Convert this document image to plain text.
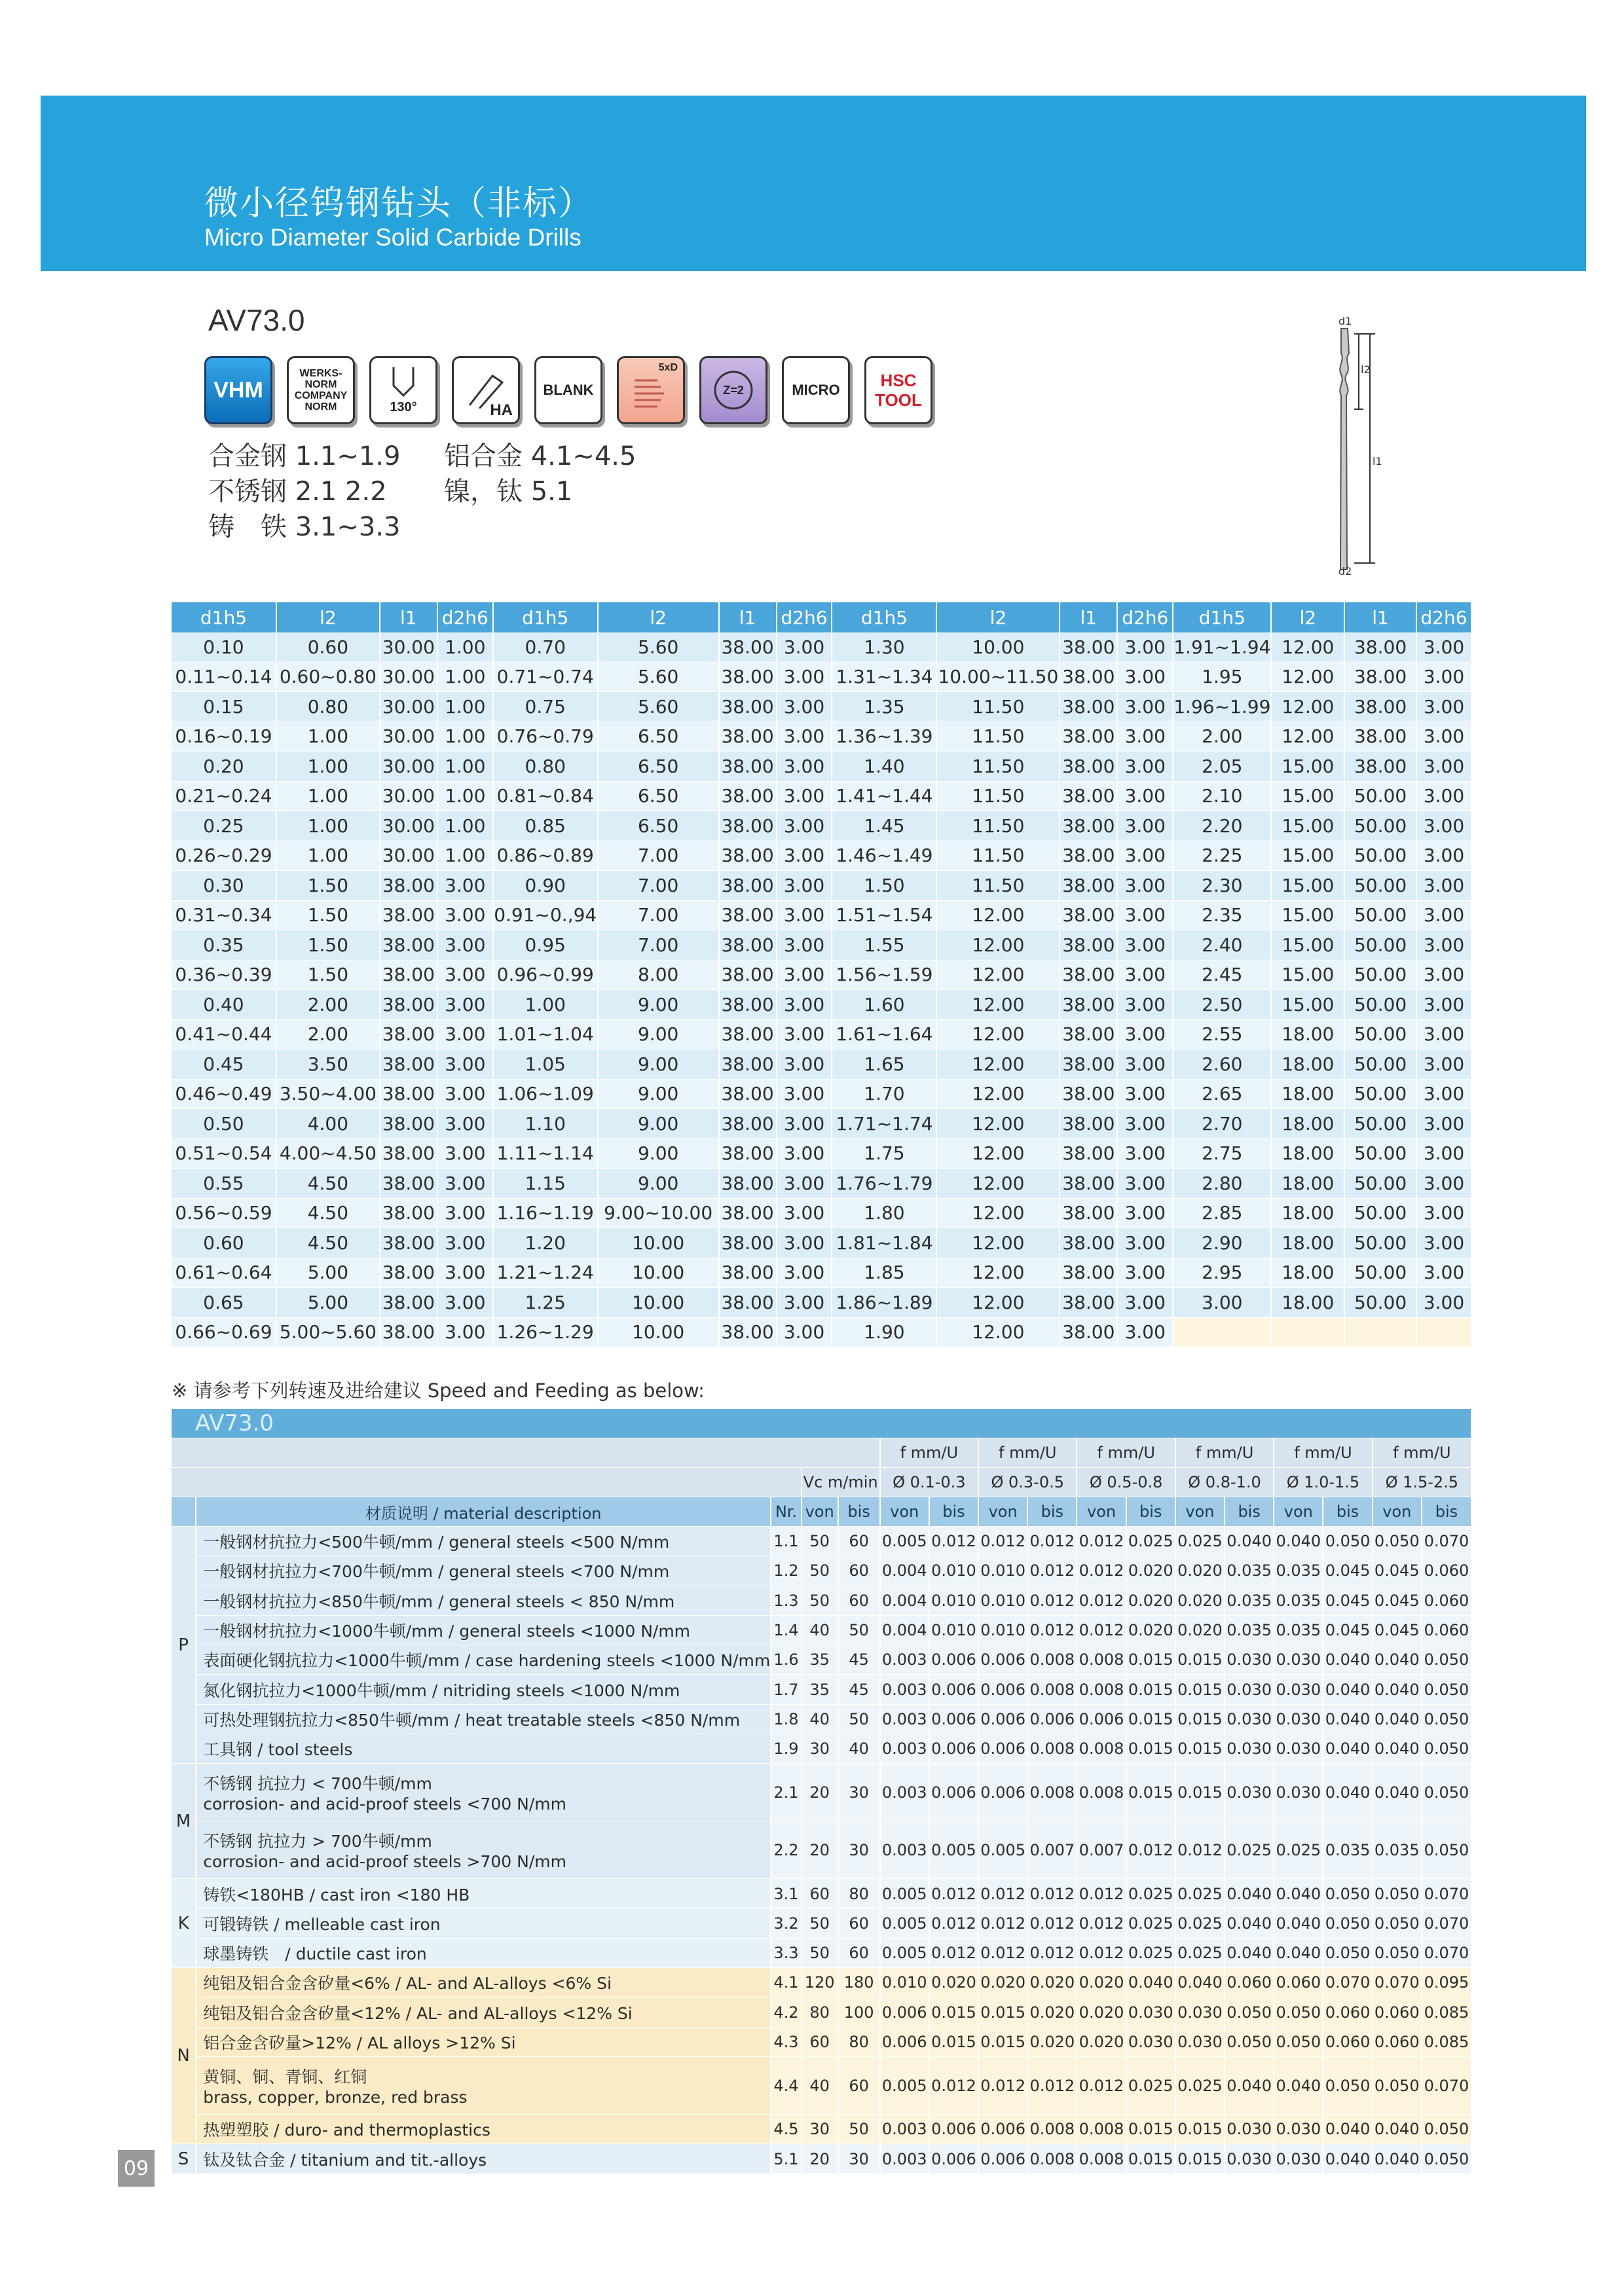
微小径钨钢钻头（非标）
Micro Diameter Solid Carbide Drills
AV73.0
VHM
WERKS-NORM COMPANY NORM	130°	HA
BLANK
5xD
Z=2	MICRO	HSC TOOL
合金钢 1.1~1.9	铝合金 4.1~4.5
不锈钢 2.1 2.2	镍，钛 5.1
铸　铁 3.1~3.3
d1
l2
l1
d2
d1h5	l2	l1	d2h6	d1h5	l2	l1	d2h6	d1h5	l2	l1	d2h6	d1h5	l2	l1	d2h6
0.10	0.60	30.00	1.00	0.70	5.60	38.00	3.00	1.30	10.00	38.00	3.00	1.91~1.94	12.00	38.00	3.00
0.11~0.14	0.60~0.80	30.00	1.00	0.71~0.74	5.60	38.00	3.00	1.31~1.34	10.00~11.50	38.00	3.00	1.95	12.00	38.00	3.00
0.15	0.80	30.00	1.00	0.75	5.60	38.00	3.00	1.35	11.50	38.00	3.00	1.96~1.99	12.00	38.00	3.00
0.16~0.19	1.00	30.00	1.00	0.76~0.79	6.50	38.00	3.00	1.36~1.39	11.50	38.00	3.00	2.00	12.00	38.00	3.00
0.20	1.00	30.00	1.00	0.80	6.50	38.00	3.00	1.40	11.50	38.00	3.00	2.05	15.00	38.00	3.00
0.21~0.24	1.00	30.00	1.00	0.81~0.84	6.50	38.00	3.00	1.41~1.44	11.50	38.00	3.00	2.10	15.00	50.00	3.00
0.25	1.00	30.00	1.00	0.85	6.50	38.00	3.00	1.45	11.50	38.00	3.00	2.20	15.00	50.00	3.00
0.26~0.29	1.00	30.00	1.00	0.86~0.89	7.00	38.00	3.00	1.46~1.49	11.50	38.00	3.00	2.25	15.00	50.00	3.00
0.30	1.50	38.00	3.00	0.90	7.00	38.00	3.00	1.50	11.50	38.00	3.00	2.30	15.00	50.00	3.00
0.31~0.34	1.50	38.00	3.00	0.91~0.,94	7.00	38.00	3.00	1.51~1.54	12.00	38.00	3.00	2.35	15.00	50.00	3.00
0.35	1.50	38.00	3.00	0.95	7.00	38.00	3.00	1.55	12.00	38.00	3.00	2.40	15.00	50.00	3.00
0.36~0.39	1.50	38.00	3.00	0.96~0.99	8.00	38.00	3.00	1.56~1.59	12.00	38.00	3.00	2.45	15.00	50.00	3.00
0.40	2.00	38.00	3.00	1.00	9.00	38.00	3.00	1.60	12.00	38.00	3.00	2.50	15.00	50.00	3.00
0.41~0.44	2.00	38.00	3.00	1.01~1.04	9.00	38.00	3.00	1.61~1.64	12.00	38.00	3.00	2.55	18.00	50.00	3.00
0.45	3.50	38.00	3.00	1.05	9.00	38.00	3.00	1.65	12.00	38.00	3.00	2.60	18.00	50.00	3.00
0.46~0.49	3.50~4.00	38.00	3.00	1.06~1.09	9.00	38.00	3.00	1.70	12.00	38.00	3.00	2.65	18.00	50.00	3.00
0.50	4.00	38.00	3.00	1.10	9.00	38.00	3.00	1.71~1.74	12.00	38.00	3.00	2.70	18.00	50.00	3.00
0.51~0.54	4.00~4.50	38.00	3.00	1.11~1.14	9.00	38.00	3.00	1.75	12.00	38.00	3.00	2.75	18.00	50.00	3.00
0.55	4.50	38.00	3.00	1.15	9.00	38.00	3.00	1.76~1.79	12.00	38.00	3.00	2.80	18.00	50.00	3.00
0.56~0.59	4.50	38.00	3.00	1.16~1.19	9.00~10.00	38.00	3.00	1.80	12.00	38.00	3.00	2.85	18.00	50.00	3.00
0.60	4.50	38.00	3.00	1.20	10.00	38.00	3.00	1.81~1.84	12.00	38.00	3.00	2.90	18.00	50.00	3.00
0.61~0.64	5.00	38.00	3.00	1.21~1.24	10.00	38.00	3.00	1.85	12.00	38.00	3.00	2.95	18.00	50.00	3.00
0.65	5.00	38.00	3.00	1.25	10.00	38.00	3.00	1.86~1.89	12.00	38.00	3.00	3.00	18.00	50.00	3.00
0.66~0.69	5.00~5.60	38.00	3.00	1.26~1.29	10.00	38.00	3.00	1.90	12.00	38.00	3.00				
※ 请参考下列转速及进给建议 Speed and Feeding as below:
AV73.0																
					f mm/U		f mm/U		f mm/U		f mm/U		f mm/U		f mm/U	
			Vc m/min		Ø 0.1-0.3		Ø 0.3-0.5		Ø 0.5-0.8		Ø 0.8-1.0		Ø 1.0-1.5		Ø 1.5-2.5	
	材质说明 / material description	Nr.	von	bis	von	bis	von	bis	von	bis	von	bis	von	bis	von	bis
P	一般钢材抗拉力<500牛顿/mm / general steels <500 N/mm	1.1	50	60	0.005	0.012	0.012	0.012	0.012	0.025	0.025	0.040	0.040	0.050	0.050	0.070

	一般钢材抗拉力<700牛顿/mm / general steels <700 N/mm	1.2	50	60	0.004	0.010	0.010	0.012	0.012	0.020	0.020	0.035	0.035	0.045	0.045	0.060

	一般钢材抗拉力<850牛顿/mm / general steels < 850 N/mm	1.3	50	60	0.004	0.010	0.010	0.012	0.012	0.020	0.020	0.035	0.035	0.045	0.045	0.060

	一般钢材抗拉力<1000牛顿/mm / general steels <1000 N/mm	1.4	40	50	0.004	0.010	0.010	0.012	0.012	0.020	0.020	0.035	0.035	0.045	0.045	0.060

	表面硬化钢抗拉力<1000牛顿/mm / case hardening steels <1000 N/mm	1.6	35	45	0.003	0.006	0.006	0.008	0.008	0.015	0.015	0.030	0.030	0.040	0.040	0.050

	氮化钢抗拉力<1000牛顿/mm / nitriding steels <1000 N/mm	1.7	35	45	0.003	0.006	0.006	0.008	0.008	0.015	0.015	0.030	0.030	0.040	0.040	0.050

	可热处理钢抗拉力<850牛顿/mm / heat treatable steels <850 N/mm	1.8	40	50	0.003	0.006	0.006	0.006	0.006	0.015	0.015	0.030	0.030	0.040	0.040	0.050

	工具钢 / tool steels	1.9	30	40	0.003	0.006	0.006	0.008	0.008	0.015	0.015	0.030	0.030	0.040	0.040	0.050
M	不锈钢 抗拉力 < 700牛顿/mm
corrosion- and acid-proof steels <700 N/mm	2.1	20	30	0.003	0.006	0.006	0.008	0.008	0.015	0.015	0.030	0.030	0.040	0.040	0.050

	不锈钢 抗拉力 > 700牛顿/mm
corrosion- and acid-proof steels >700 N/mm	2.2	20	30	0.003	0.005	0.005	0.007	0.007	0.012	0.012	0.025	0.025	0.035	0.035	0.050
K	铸铁<180HB / cast iron <180 HB	3.1	60	80	0.005	0.012	0.012	0.012	0.012	0.025	0.025	0.040	0.040	0.050	0.050	0.070

	可锻铸铁 / melleable cast iron	3.2	50	60	0.005	0.012	0.012	0.012	0.012	0.025	0.025	0.040	0.040	0.050	0.050	0.070

	球墨铸铁　/ ductile cast iron	3.3	50	60	0.005	0.012	0.012	0.012	0.012	0.025	0.025	0.040	0.040	0.050	0.050	0.070
N	纯铝及铝合金含矽量<6% / AL- and AL-alloys <6% Si	4.1	120	180	0.010	0.020	0.020	0.020	0.020	0.040	0.040	0.060	0.060	0.070	0.070	0.095

	纯铝及铝合金含矽量<12% / AL- and AL-alloys <12% Si	4.2	80	100	0.006	0.015	0.015	0.020	0.020	0.030	0.030	0.050	0.050	0.060	0.060	0.085

	铝合金含矽量>12% / AL alloys >12% Si	4.3	60	80	0.006	0.015	0.015	0.020	0.020	0.030	0.030	0.050	0.050	0.060	0.060	0.085

	黄铜、铜、青铜、红铜
brass, copper, bronze, red brass	4.4	40	60	0.005	0.012	0.012	0.012	0.012	0.025	0.025	0.040	0.040	0.050	0.050	0.070

	热塑塑胶 / duro- and thermoplastics	4.5	30	50	0.003	0.006	0.006	0.008	0.008	0.015	0.015	0.030	0.030	0.040	0.040	0.050
S	钛及钛合金 / titanium and tit.-alloys	5.1	20	30	0.003	0.006	0.006	0.008	0.008	0.015	0.015	0.030	0.030	0.040	0.040	0.050
09
